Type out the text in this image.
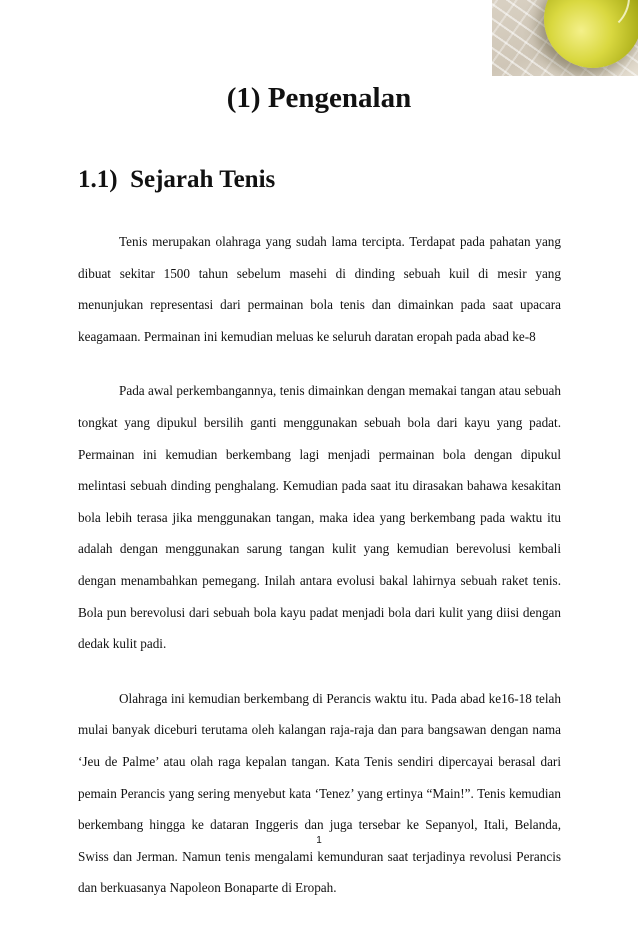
(1) Pengenalan
1.1)  Sejarah Tenis

Tenis merupakan olahraga yang sudah lama tercipta. Terdapat pada pahatan yang dibuat sekitar 1500 tahun sebelum masehi di dinding sebuah kuil di mesir yang menunjukan representasi dari permainan bola tenis dan dimainkan pada saat upacara keagamaan. Permainan ini kemudian meluas ke seluruh daratan eropah pada abad ke-8

Pada awal perkembangannya, tenis dimainkan dengan memakai tangan atau sebuah tongkat yang dipukul bersilih ganti menggunakan sebuah bola dari kayu yang padat. Permainan ini kemudian berkembang lagi menjadi permainan bola dengan dipukul melintasi sebuah dinding penghalang. Kemudian pada saat itu dirasakan bahawa kesakitan bola lebih terasa jika menggunakan tangan, maka idea yang berkembang pada waktu itu adalah dengan menggunakan sarung tangan kulit yang kemudian berevolusi kembali dengan menambahkan pemegang. Inilah antara evolusi bakal lahirnya sebuah raket tenis. Bola pun berevolusi dari sebuah bola kayu padat menjadi bola dari kulit yang diisi dengan dedak kulit padi.

Olahraga ini kemudian berkembang di Perancis waktu itu. Pada abad ke16-18 telah mulai banyak diceburi terutama oleh kalangan raja-raja dan para bangsawan dengan nama ‘Jeu de Palme’ atau olah raga kepalan tangan. Kata Tenis sendiri dipercayai berasal dari pemain Perancis yang sering menyebut kata ‘Tenez’ yang ertinya “Main!”. Tenis kemudian berkembang hingga ke dataran Inggeris dan juga tersebar ke Sepanyol, Itali, Belanda, Swiss dan Jerman. Namun tenis mengalami kemunduran saat terjadinya revolusi Perancis dan berkuasanya Napoleon Bonaparte di Eropah.

1
